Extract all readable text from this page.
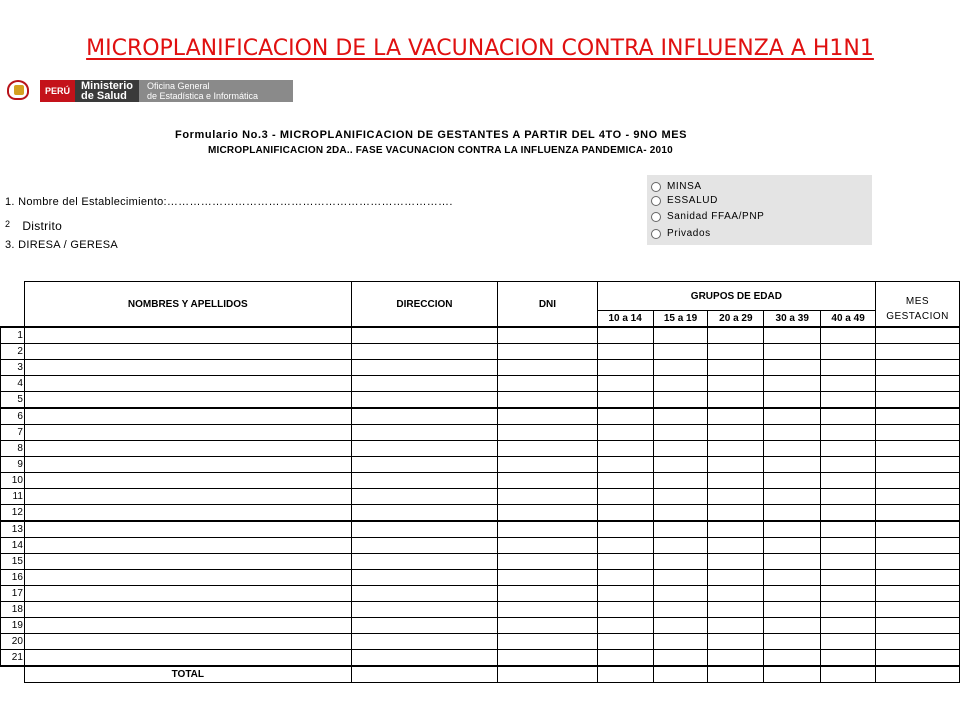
MICROPLANIFICACION DE LA VACUNACION CONTRA INFLUENZA A H1N1
PERÚ	Ministerio
de Salud
Oficina General
de Estadística e Informática
Formulario No.3 - MICROPLANIFICACION DE GESTANTES A PARTIR DEL 4TO - 9NO MES
MICROPLANIFICACION 2DA.. FASE VACUNACION CONTRA LA INFLUENZA PANDEMICA- 2010
1. Nombre del Establecimiento:………………………………………………………………….
2 Distrito
3. DIRESA / GERESA
MINSA
ESSALUD
Sanidad FFAA/PNP
Privados
	NOMBRES Y APELLIDOS	DIRECCION	DNI	GRUPOS DE EDAD					MES
GESTACION

				10 a 14	15 a 19	20 a 29	30 a 39	40 a 49	
1									
2									
3									
4									
5									
6									
7									
8									
9									
10									
11									
12									
13									
14									
15									
16									
17									
18									
19									
20									
21									
	TOTAL								
